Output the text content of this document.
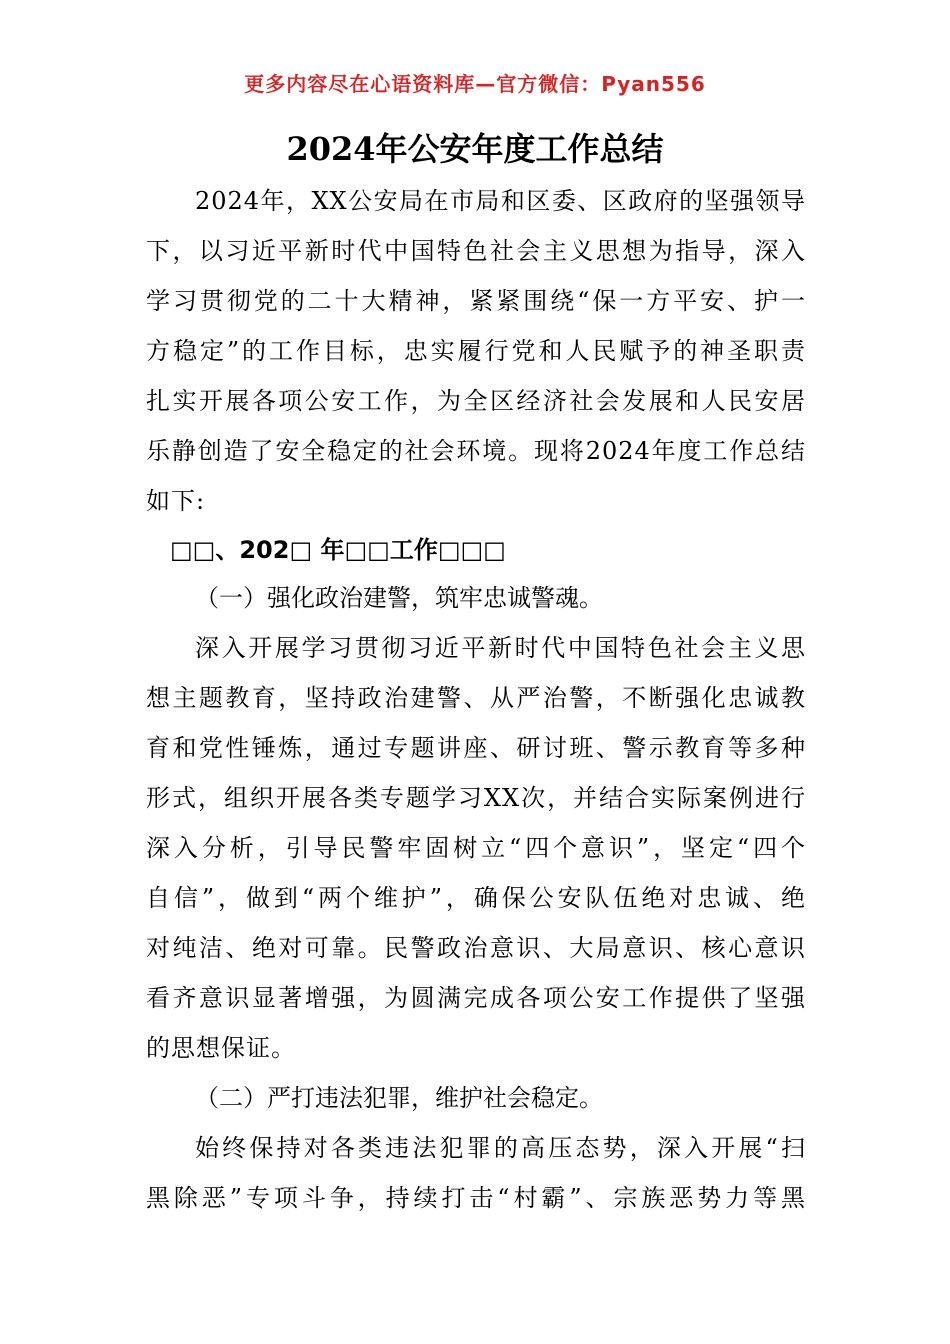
更多内容尽在心语资料库—官方微信：Pyan556
2024年公安年度工作总结
2024年，XX公安局在市局和区委、区政府的坚强领导
下，以习近平新时代中国特色社会主义思想为指导，深入
学习贯彻党的二十大精神，紧紧围绕“保一方平安、护一
方稳定”的工作目标，忠实履行党和人民赋予的神圣职责
扎实开展各项公安工作，为全区经济社会发展和人民安居
乐静创造了安全稳定的社会环境。现将2024年度工作总结
如下:
□□、202□ 年□□工作□□□
（一）强化政治建警，筑牢忠诚警魂。
深入开展学习贯彻习近平新时代中国特色社会主义思
想主题教育，坚持政治建警、从严治警，不断强化忠诚教
育和党性锤炼，通过专题讲座、研讨班、警示教育等多种
形式，组织开展各类专题学习XX次，并结合实际案例进行
深入分析，引导民警牢固树立“四个意识”，坚定“四个
自信”，做到“两个维护”，确保公安队伍绝对忠诚、绝
对纯洁、绝对可靠。民警政治意识、大局意识、核心意识
看齐意识显著增强，为圆满完成各项公安工作提供了坚强
的思想保证。
（二）严打违法犯罪，维护社会稳定。
始终保持对各类违法犯罪的高压态势，深入开展“扫
黑除恶”专项斗争，持续打击“村霸”、宗族恶势力等黑
